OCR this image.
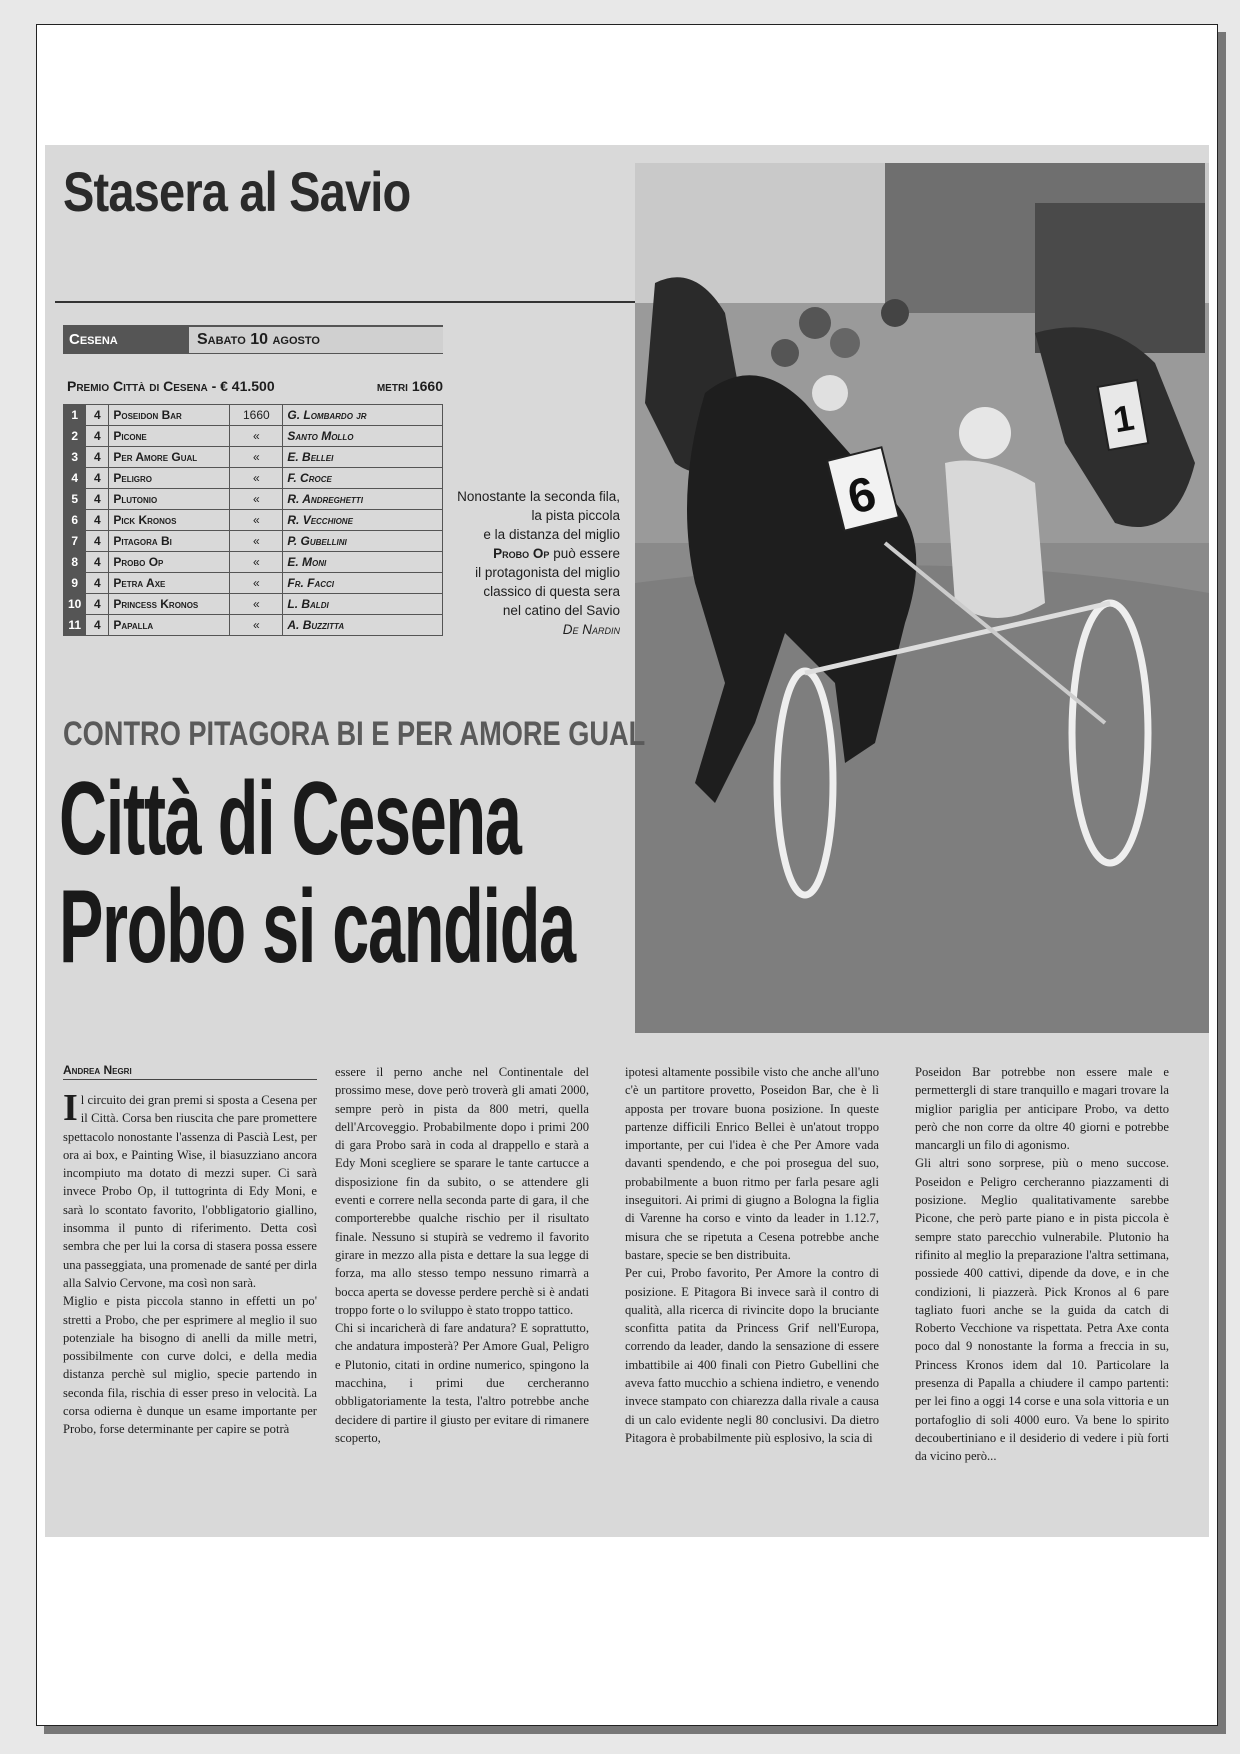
Stasera al Savio
6
1
Cesena	Sabato 10 agosto
Premio Città di Cesena - € 41.500	metri 1660
1	4	Poseidon Bar	1660	G. Lombardo jr
2	4	Picone	«	Santo Mollo
3	4	Per Amore Gual	«	E. Bellei
4	4	Peligro	«	F. Croce
5	4	Plutonio	«	R. Andreghetti
6	4	Pick Kronos	«	R. Vecchione
7	4	Pitagora Bi	«	P. Gubellini
8	4	Probo Op	«	E. Moni
9	4	Petra Axe	«	Fr. Facci
10	4	Princess Kronos	«	L. Baldi
11	4	Papalla	«	A. Buzzitta
Nonostante la seconda fila,
la pista piccola
e la distanza del miglio
Probo Op può essere
il protagonista del miglio
classico di questa sera
nel catino del Savio
De Nardin
CONTRO PITAGORA BI E PER AMORE GUAL
Città di Cesena
Probo si candida
Andrea Negri

Il circuito dei gran premi si sposta a Cesena per il Città. Corsa ben riuscita che pare promettere spettacolo nonostante l'assenza di Pascià Lest, per ora ai box, e Painting Wise, il biasuzziano ancora incompiuto ma dotato di mezzi super. Ci sarà invece Probo Op, il tuttogrinta di Edy Moni, e sarà lo scontato favorito, l'obbligatorio giallino, insomma il punto di riferimento. Detta così sembra che per lui la corsa di stasera possa essere una passeggiata, una promenade de santé per dirla alla Salvio Cervone, ma così non sarà.

Miglio e pista piccola stanno in effetti un po' stretti a Probo, che per esprimere al meglio il suo potenziale ha bisogno di anelli da mille metri, possibilmente con curve dolci, e della media distanza perchè sul miglio, specie partendo in seconda fila, rischia di esser preso in velocità. La corsa odierna è dunque un esame importante per Probo, forse determinante per capire se potrà

essere il perno anche nel Continentale del prossimo mese, dove però troverà gli amati 2000, sempre però in pista da 800 metri, quella dell'Arcoveggio. Probabilmente dopo i primi 200 di gara Probo sarà in coda al drappello e starà a Edy Moni scegliere se sparare le tante cartucce a disposizione fin da subito, o se attendere gli eventi e correre nella seconda parte di gara, il che comporterebbe qualche rischio per il risultato finale. Nessuno si stupirà se vedremo il favorito girare in mezzo alla pista e dettare la sua legge di forza, ma allo stesso tempo nessuno rimarrà a bocca aperta se dovesse perdere perchè si è andati troppo forte o lo sviluppo è stato troppo tattico.

Chi si incaricherà di fare andatura? E soprattutto, che andatura imposterà? Per Amore Gual, Peligro e Plutonio, citati in ordine numerico, spingono la macchina, i primi due cercheranno obbligatoriamente la testa, l'altro potrebbe anche decidere di partire il giusto per evitare di rimanere scoperto,

ipotesi altamente possibile visto che anche all'uno c'è un partitore provetto, Poseidon Bar, che è lì apposta per trovare buona posizione. In queste partenze difficili Enrico Bellei è un'atout troppo importante, per cui l'idea è che Per Amore vada davanti spendendo, e che poi prosegua del suo, probabilmente a buon ritmo per farla pesare agli inseguitori. Ai primi di giugno a Bologna la figlia di Varenne ha corso e vinto da leader in 1.12.7, misura che se ripetuta a Cesena potrebbe anche bastare, specie se ben distribuita.

Per cui, Probo favorito, Per Amore la contro di posizione. E Pitagora Bi invece sarà il contro di qualità, alla ricerca di rivincite dopo la bruciante sconfitta patita da Princess Grif nell'Europa, correndo da leader, dando la sensazione di essere imbattibile ai 400 finali con Pietro Gubellini che aveva fatto mucchio a schiena indietro, e venendo invece stampato con chiarezza dalla rivale a causa di un calo evidente negli 80 conclusivi. Da dietro Pitagora è probabilmente più esplosivo, la scia di

Poseidon Bar potrebbe non essere male e permettergli di stare tranquillo e magari trovare la miglior pariglia per anticipare Probo, va detto però che non corre da oltre 40 giorni e potrebbe mancargli un filo di agonismo.

Gli altri sono sorprese, più o meno succose. Poseidon e Peligro cercheranno piazzamenti di posizione. Meglio qualitativamente sarebbe Picone, che però parte piano e in pista piccola è sempre stato parecchio vulnerabile. Plutonio ha rifinito al meglio la preparazione l'altra settimana, possiede 400 cattivi, dipende da dove, e in che condizioni, li piazzerà. Pick Kronos al 6 pare tagliato fuori anche se la guida da catch di Roberto Vecchione va rispettata. Petra Axe conta poco dal 9 nonostante la forma a freccia in su, Princess Kronos idem dal 10. Particolare la presenza di Papalla a chiudere il campo partenti: per lei fino a oggi 14 corse e una sola vittoria e un portafoglio di soli 4000 euro. Va bene lo spirito decoubertiniano e il desiderio di vedere i più forti da vicino però...
